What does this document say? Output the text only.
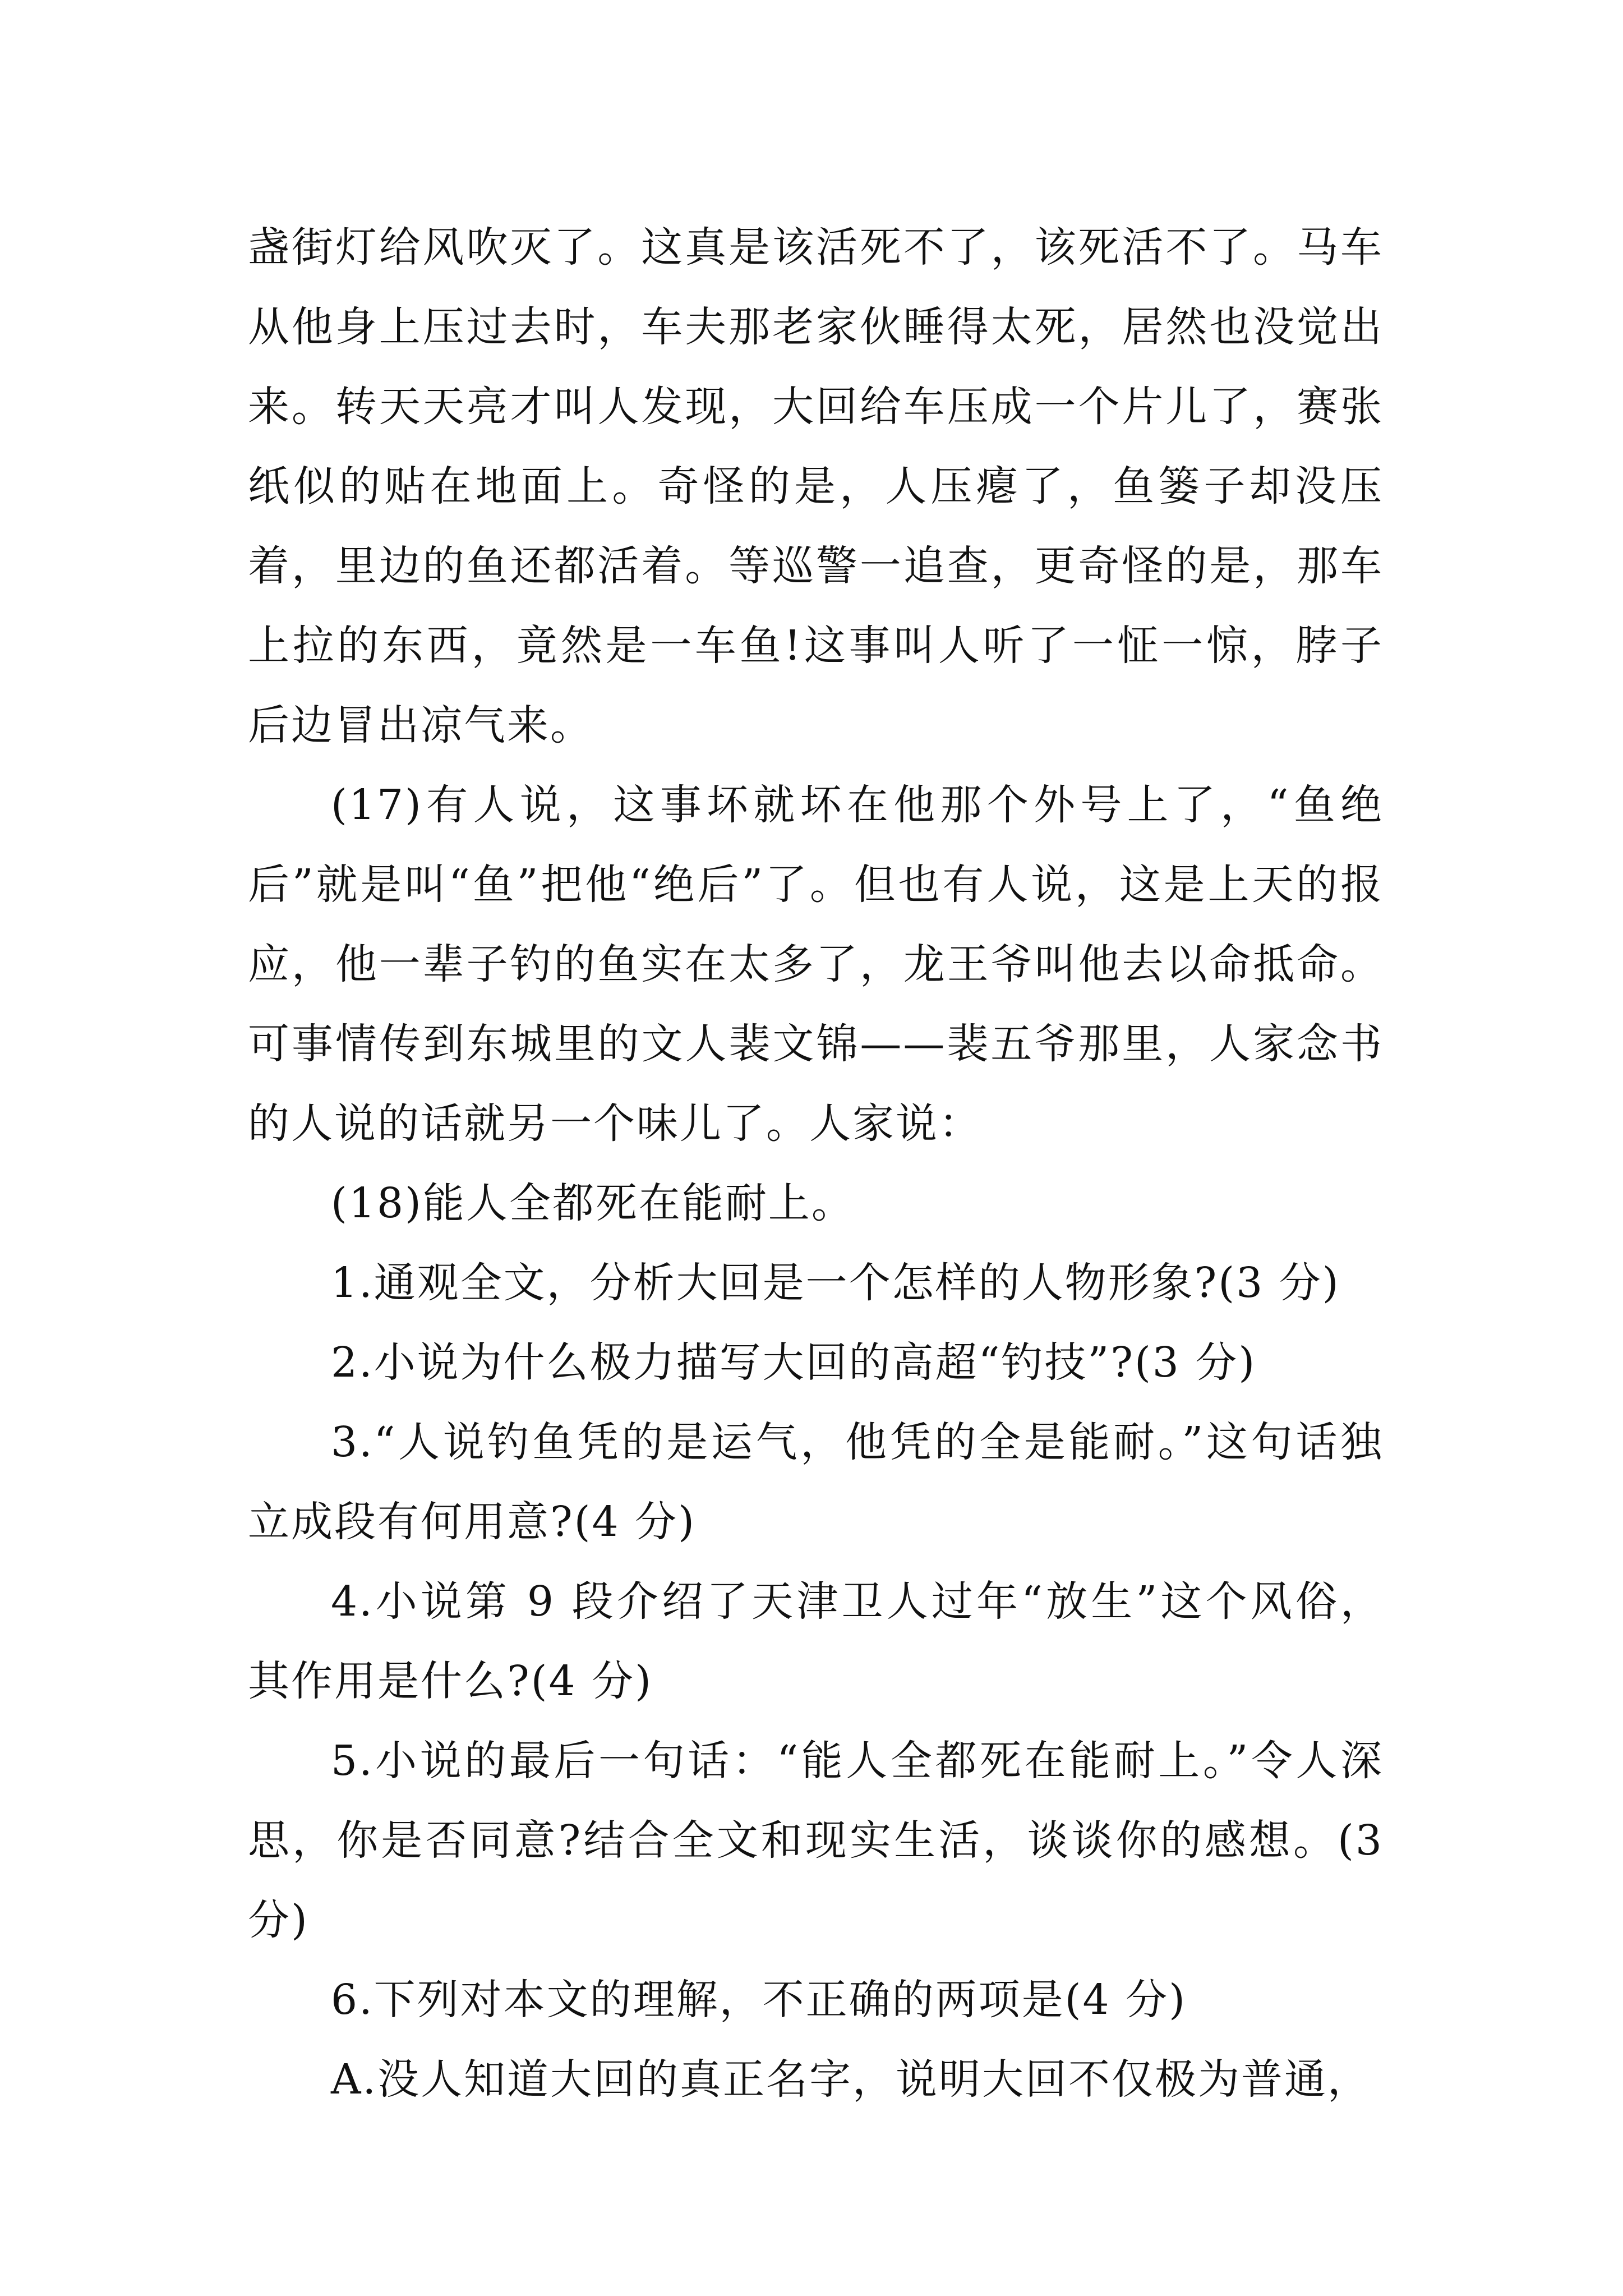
盏街灯给风吹灭了。这真是该活死不了，该死活不了。马车从他身上压过去时，车夫那老家伙睡得太死，居然也没觉出来。转天天亮才叫人发现，大回给车压成一个片儿了，赛张纸似的贴在地面上。奇怪的是，人压瘪了，鱼篓子却没压着，里边的鱼还都活着。等巡警一追查，更奇怪的是，那车上拉的东西，竟然是一车鱼!这事叫人听了一怔一惊，脖子后边冒出凉气来。

(17)有人说，这事坏就坏在他那个外号上了，“鱼绝后”就是叫“鱼”把他“绝后”了。但也有人说，这是上天的报应，他一辈子钓的鱼实在太多了，龙王爷叫他去以命抵命。可事情传到东城里的文人裴文锦——裴五爷那里，人家念书的人说的话就另一个味儿了。人家说：

(18)能人全都死在能耐上。

1.通观全文，分析大回是一个怎样的人物形象?(3 分)

2.小说为什么极力描写大回的高超“钓技”?(3 分)

3.“人说钓鱼凭的是运气，他凭的全是能耐。”这句话独立成段有何用意?(4 分)

4.小说第 9 段介绍了天津卫人过年“放生”这个风俗，其作用是什么?(4 分)

5.小说的最后一句话：“能人全都死在能耐上。”令人深思，你是否同意?结合全文和现实生活，谈谈你的感想。(3 分)

6.下列对本文的理解，不正确的两项是(4 分)

A.没人知道大回的真正名字，说明大回不仅极为普通，
